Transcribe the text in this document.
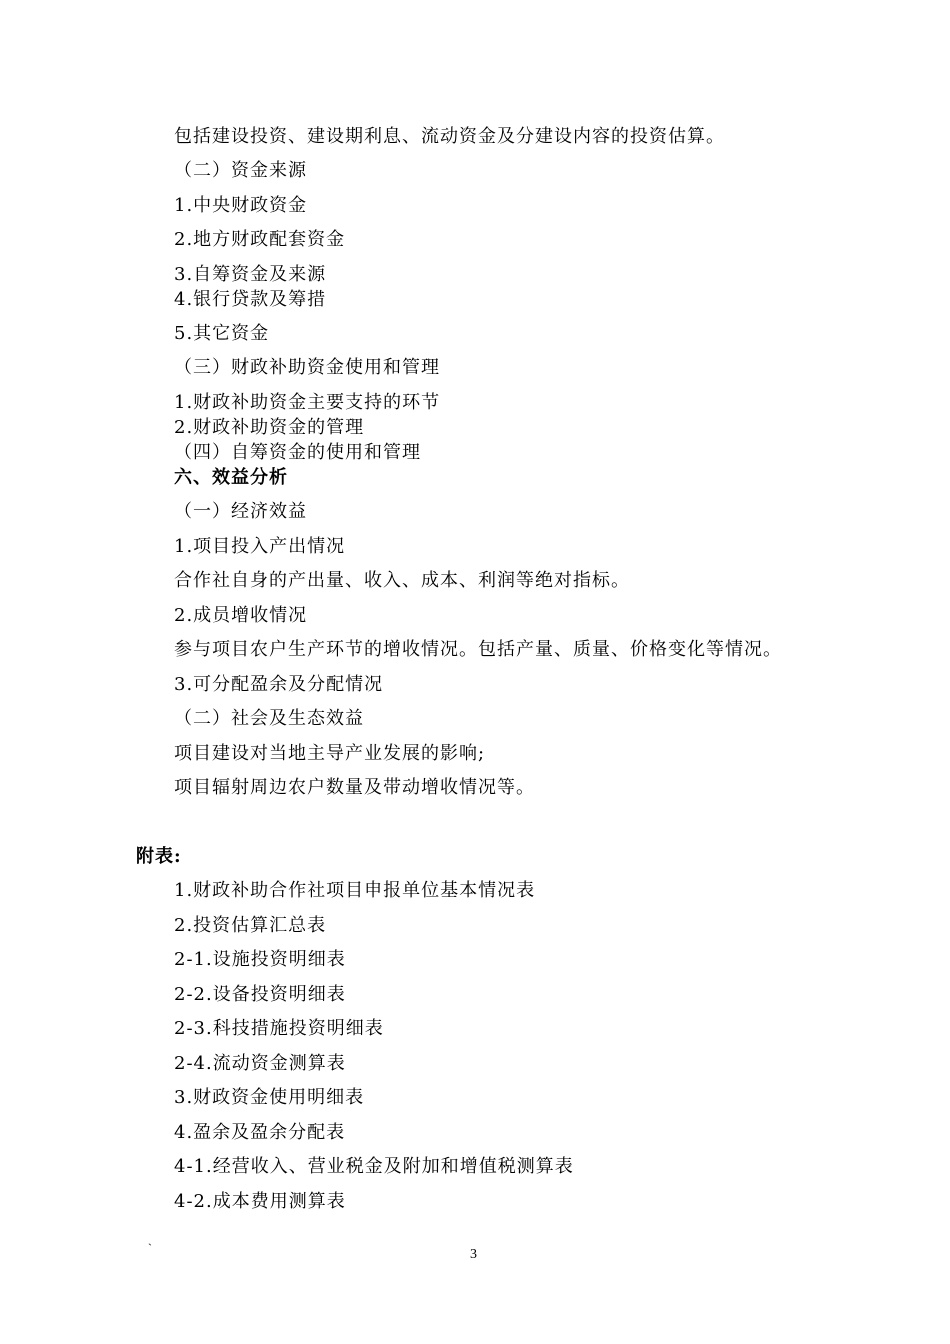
包括建设投资、建设期利息、流动资金及分建设内容的投资估算。
（二）资金来源
1.中央财政资金
2.地方财政配套资金
3.自筹资金及来源
4.银行贷款及筹措
5.其它资金
（三）财政补助资金使用和管理
1.财政补助资金主要支持的环节
2.财政补助资金的管理
（四）自筹资金的使用和管理
六、效益分析
（一）经济效益
1.项目投入产出情况
合作社自身的产出量、收入、成本、利润等绝对指标。
2.成员增收情况
参与项目农户生产环节的增收情况。包括产量、质量、价格变化等情况。
3.可分配盈余及分配情况
（二）社会及生态效益
项目建设对当地主导产业发展的影响;
项目辐射周边农户数量及带动增收情况等。
附表:
1.财政补助合作社项目申报单位基本情况表
2.投资估算汇总表
2-1.设施投资明细表
2-2.设备投资明细表
2-3.科技措施投资明细表
2-4.流动资金测算表
3.财政资金使用明细表
4.盈余及盈余分配表
4-1.经营收入、营业税金及附加和增值税测算表
4-2.成本费用测算表
`	3
